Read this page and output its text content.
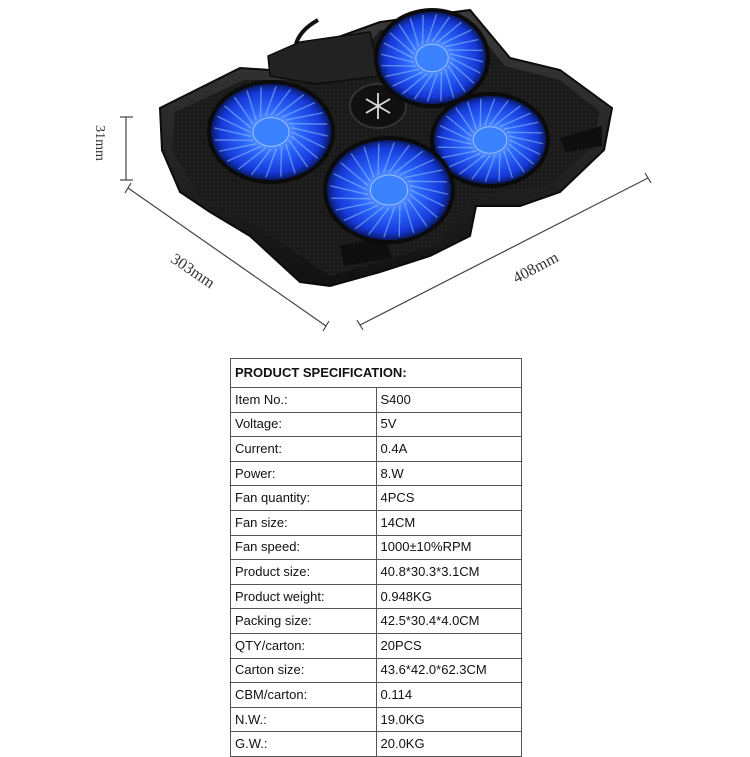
31mm
303mm	408mm
PRODUCT SPECIFICATION:	
Item No.:	S400
Voltage:	5V
Current:	0.4A
Power:	8.W
Fan quantity:	4PCS
Fan size:	14CM
Fan speed:	1000±10%RPM
Product size:	40.8*30.3*3.1CM
Product weight:	0.948KG
Packing size:	42.5*30.4*4.0CM
QTY/carton:	20PCS
Carton size:	43.6*42.0*62.3CM
CBM/carton:	0.114
N.W.:	19.0KG
G.W.:	20.0KG
